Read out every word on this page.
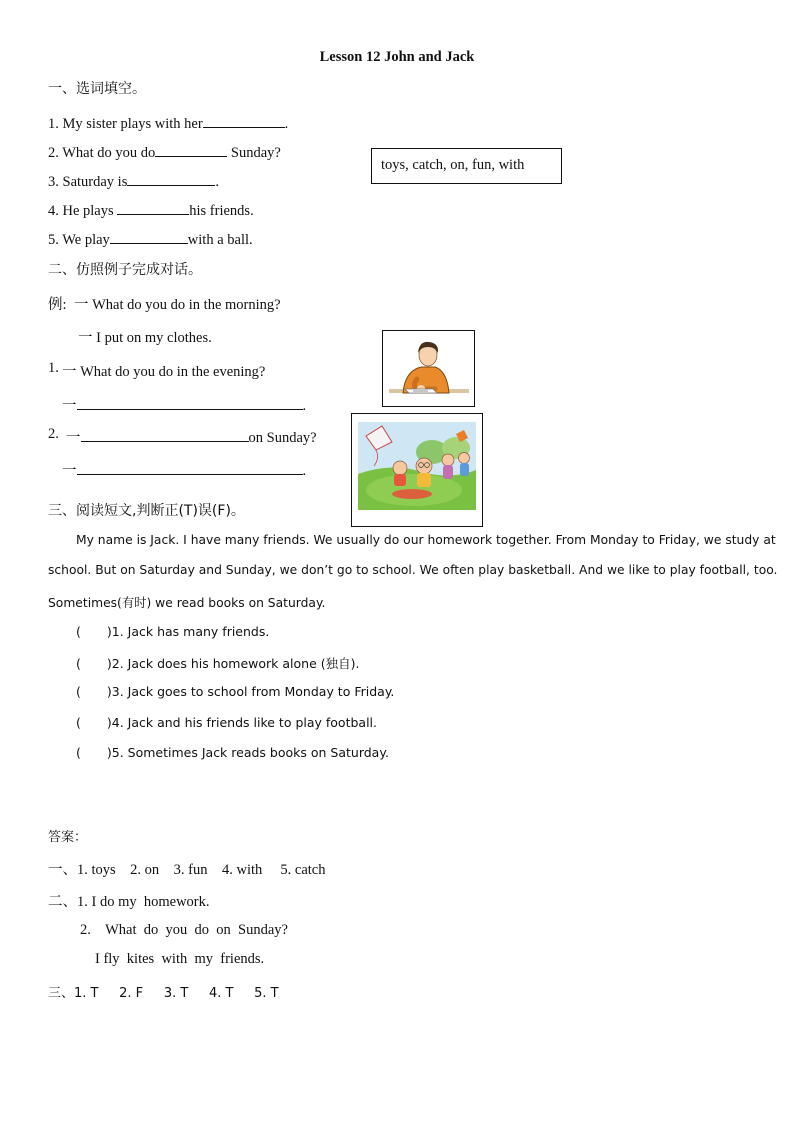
Lesson 12 John and Jack
一、选词填空。
1. My sister plays with her	.
2. What do you do	Sunday?
3. Saturday is	.
4. He plays	his friends.
5. We play	with a ball.
toys, catch, on, fun, with
二、仿照例子完成对话。
例: 一 What do you do in the morning?
一 I put on my clothes.
1. 一 What do you do in the evening?
一	.
2. 一	on Sunday?
一	.
三、阅读短文,判断正(T)误(F)。
My name is Jack. I have many friends. We usually do our homework together. From Monday to Friday, we study at
school. But on Saturday and Sunday, we don’t go to school. We often play basketball. And we like to play football, too.
Sometimes(有时) we read books on Saturday.
( )1. Jack has many friends.
( )2. Jack does his homework alone (独自).
( )3. Jack goes to school from Monday to Friday.
( )4. Jack and his friends like to play football.
( )5. Sometimes Jack reads books on Saturday.
答案：
一、1. toys    2. on    3. fun    4. with     5. catch
二、1. I do my  homework.
2.    What  do  you  do  on  Sunday?
I fly  kites  with  my  friends.
三、1. T     2. F     3. T     4. T     5. T
